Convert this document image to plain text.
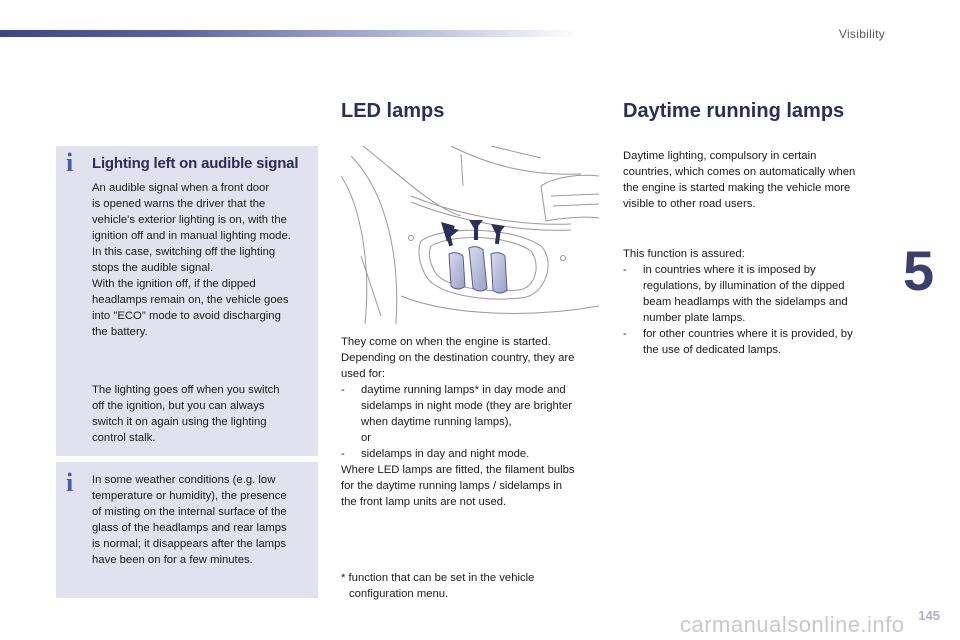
Visibility
5
i	Lighting left on audible signal

An audible signal when a front door

is opened warns the driver that the

vehicle's exterior lighting is on, with the

ignition off and in manual lighting mode.

In this case, switching off the lighting

stops the audible signal.

With the ignition off, if the dipped

headlamps remain on, the vehicle goes

into "ECO" mode to avoid discharging

the battery.

The lighting goes off when you switch

off the ignition, but you can always

switch it on again using the lighting

control stalk.

i	In some weather conditions (e.g. low

temperature or humidity), the presence

of misting on the internal surface of the

glass of the headlamps and rear lamps

is normal; it disappears after the lamps

have been on for a few minutes.

LED lamps

They come on when the engine is started.

Depending on the destination country, they are

used for:

-	daytime running lamps* in day mode and

sidelamps in night mode (they are brighter

when daytime running lamps),

or

-	sidelamps in day and night mode.

Where LED lamps are fitted, the filament bulbs

for the daytime running lamps / sidelamps in

the front lamp units are not used.

* function that can be set in the vehicle

configuration menu.

Daytime running lamps

Daytime lighting, compulsory in certain

countries, which comes on automatically when

the engine is started making the vehicle more

visible to other road users.

This function is assured:

-	in countries where it is imposed by

regulations, by illumination of the dipped

beam headlamps with the sidelamps and

number plate lamps.

-	for other countries where it is provided, by

the use of dedicated lamps.

carmanualsonline.info 145
